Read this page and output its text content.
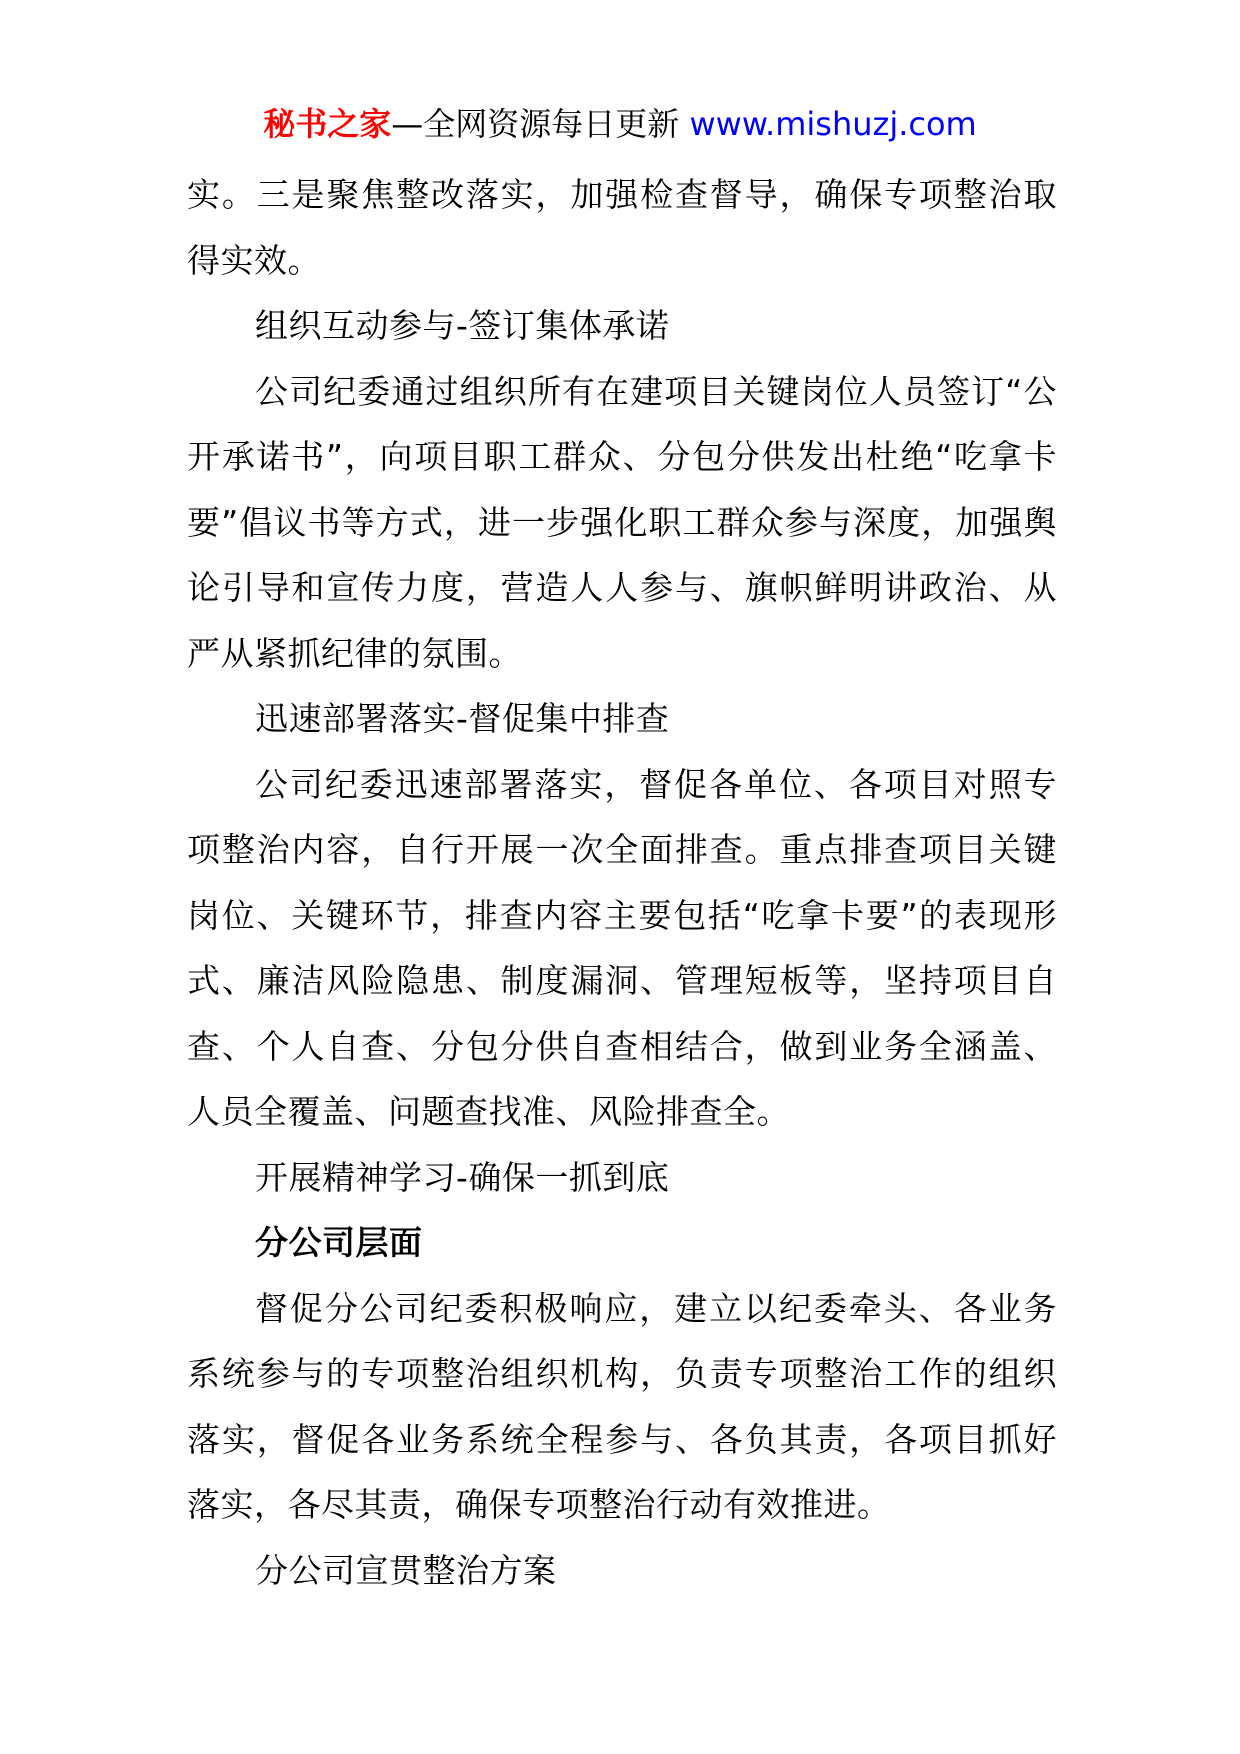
秘书之家—全网资源每日更新 www.mishuzj.com

实。三是聚焦整改落实，加强检查督导，确保专项整治取得实效。

组织互动参与-签订集体承诺

公司纪委通过组织所有在建项目关键岗位人员签订“公开承诺书”，向项目职工群众、分包分供发出杜绝“吃拿卡要”倡议书等方式，进一步强化职工群众参与深度，加强舆论引导和宣传力度，营造人人参与、旗帜鲜明讲政治、从严从紧抓纪律的氛围。

迅速部署落实-督促集中排查

公司纪委迅速部署落实，督促各单位、各项目对照专项整治内容，自行开展一次全面排查。重点排查项目关键岗位、关键环节，排查内容主要包括“吃拿卡要”的表现形式、廉洁风险隐患、制度漏洞、管理短板等，坚持项目自查、个人自查、分包分供自查相结合，做到业务全涵盖、人员全覆盖、问题查找准、风险排查全。

开展精神学习-确保一抓到底

分公司层面

督促分公司纪委积极响应，建立以纪委牵头、各业务系统参与的专项整治组织机构，负责专项整治工作的组织落实，督促各业务系统全程参与、各负其责，各项目抓好落实，各尽其责，确保专项整治行动有效推进。

分公司宣贯整治方案
